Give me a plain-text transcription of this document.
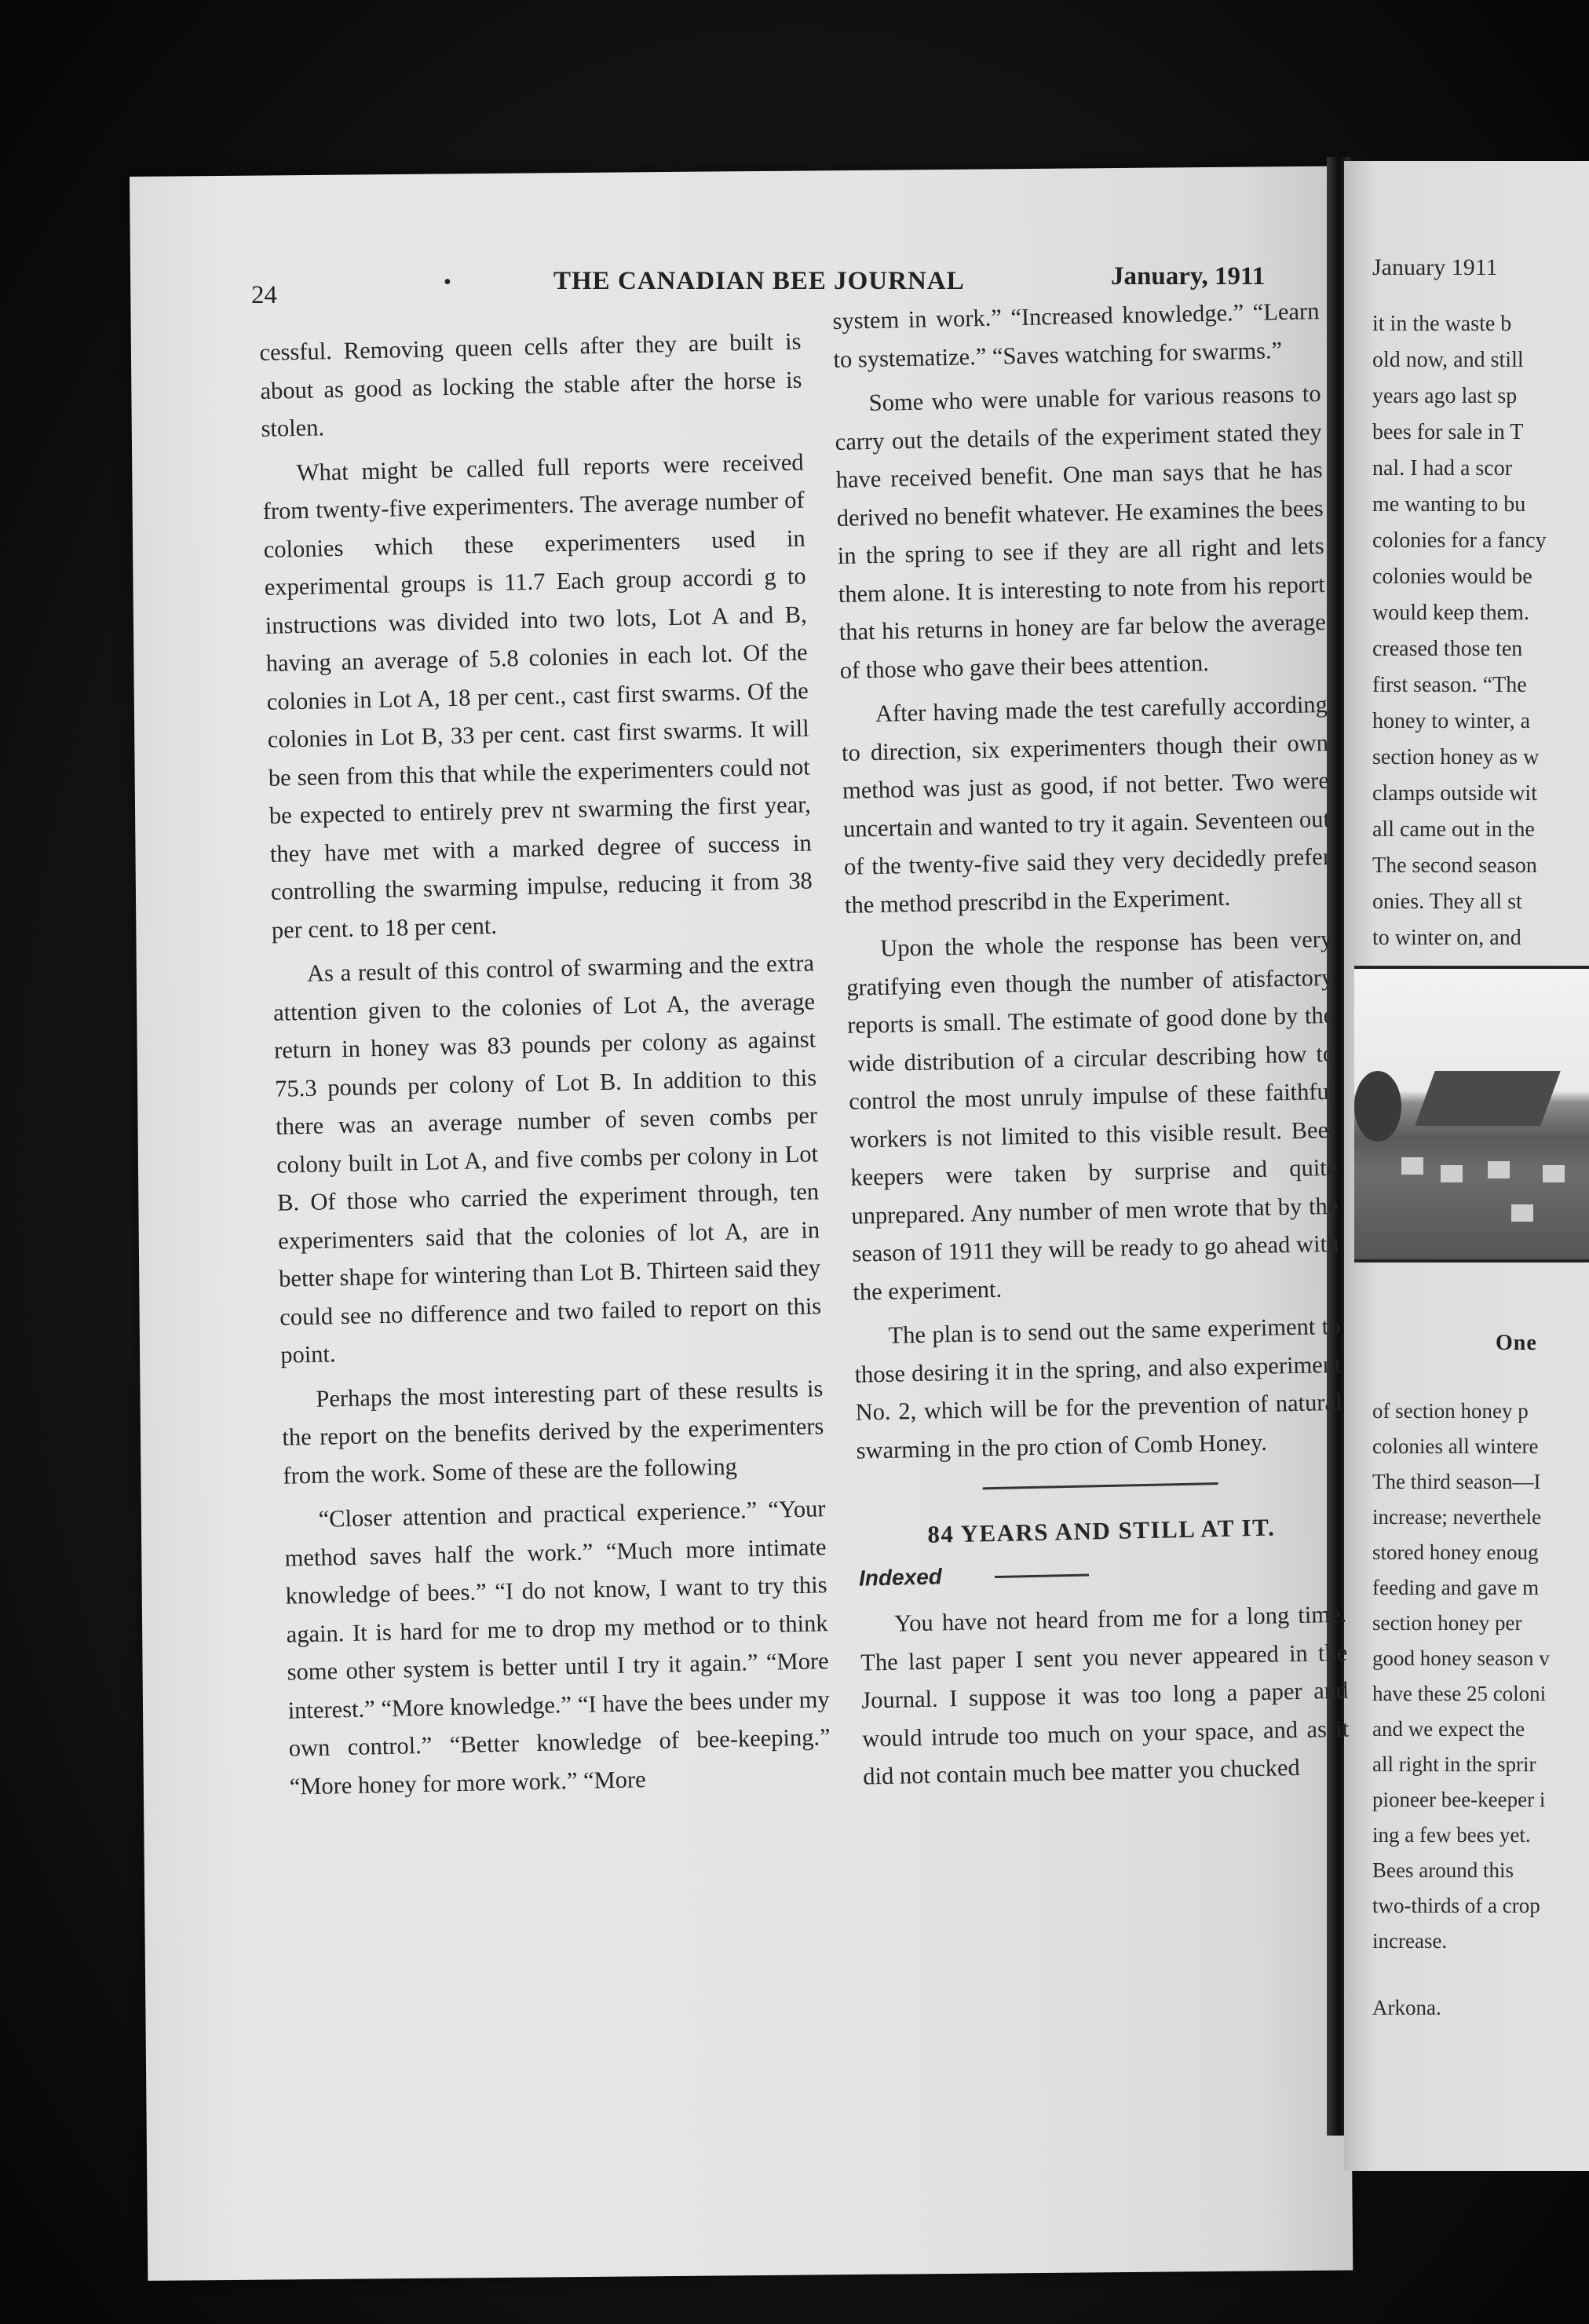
24	•	THE CANADIAN BEE JOURNAL	January, 1911

cessful. Removing queen cells after they are built is about as good as locking the stable after the horse is stolen.

What might be called full reports were received from twenty-five experimenters. The average number of colonies which these experimenters used in experimental groups is 11.7 Each group accordi g to instructions was divided into two lots, Lot A and B, having an average of 5.8 colonies in each lot. Of the colonies in Lot A, 18 per cent., cast first swarms. Of the colonies in Lot B, 33 per cent. cast first swarms. It will be seen from this that while the experimenters could not be expected to entirely prev nt swarming the first year, they have met with a marked degree of success in controlling the swarming impulse, reducing it from 38 per cent. to 18 per cent.

As a result of this control of swarming and the extra attention given to the colonies of Lot A, the average return in honey was 83 pounds per colony as against 75.3 pounds per colony of Lot B. In addition to this there was an average number of seven combs per colony built in Lot A, and five combs per colony in Lot B. Of those who carried the experiment through, ten experimenters said that the colonies of lot A, are in better shape for wintering than Lot B. Thirteen said they could see no difference and two failed to report on this point.

Perhaps the most interesting part of these results is the report on the benefits derived by the experimenters from the work. Some of these are the following

“Closer attention and practical experience.” “Your method saves half the work.” “Much more intimate knowledge of bees.” “I do not know, I want to try this again. It is hard for me to drop my method or to think some other system is better until I try it again.” “More interest.” “More knowledge.” “I have the bees under my own control.” “Better knowledge of bee-keeping.” “More honey for more work.” “More

system in work.” “Increased knowledge.” “Learn to systematize.” “Saves watching for swarms.”

Some who were unable for various reasons to carry out the details of the experiment stated they have received benefit. One man says that he has derived no benefit whatever. He examines the bees in the spring to see if they are all right and lets them alone. It is interesting to note from his report that his returns in honey are far below the average of those who gave their bees attention.

After having made the test carefully according to direction, six experimenters though their own method was just as good, if not better. Two were uncertain and wanted to try it again. Seventeen out of the twenty-five said they very decidedly prefer the method prescribd in the Experiment.

Upon the whole the response has been very gratifying even though the number of atisfactory reports is small. The estimate of good done by the wide distribution of a circular describing how to control the most unruly impulse of these faithful workers is not limited to this visible result. Bee-keepers were taken by surprise and quite unprepared. Any number of men wrote that by the season of 1911 they will be ready to go ahead with the experiment.

The plan is to send out the same experiment to those desiring it in the spring, and also experiment No. 2, which will be for the prevention of natural swarming in the pro ction of Comb Honey.

84 YEARS AND STILL AT IT.
Indexed

You have not heard from me for a long time. The last paper I sent you never appeared in the Journal. I suppose it was too long a paper and would intrude too much on your space, and as it did not contain much bee matter you chucked

January 1911
it in the waste b
old now, and still
years ago last sp
bees for sale in T
nal. I had a scor
me wanting to bu
colonies for a fancy
colonies would be
would keep them.
creased those ten
first season. “The
honey to winter, a
section honey as w
clamps outside wit
all came out in the
The second season
onies. They all st
to winter on, and
One
of section honey p
colonies all wintere
The third season—I
increase; neverthele
stored honey enoug
feeding and gave m
section honey per
good honey season v
have these 25 coloni
and we expect the
all right in the sprir
pioneer bee-keeper i
ing a few bees yet.
Bees around this
two-thirds of a crop
increase.
Arkona.
